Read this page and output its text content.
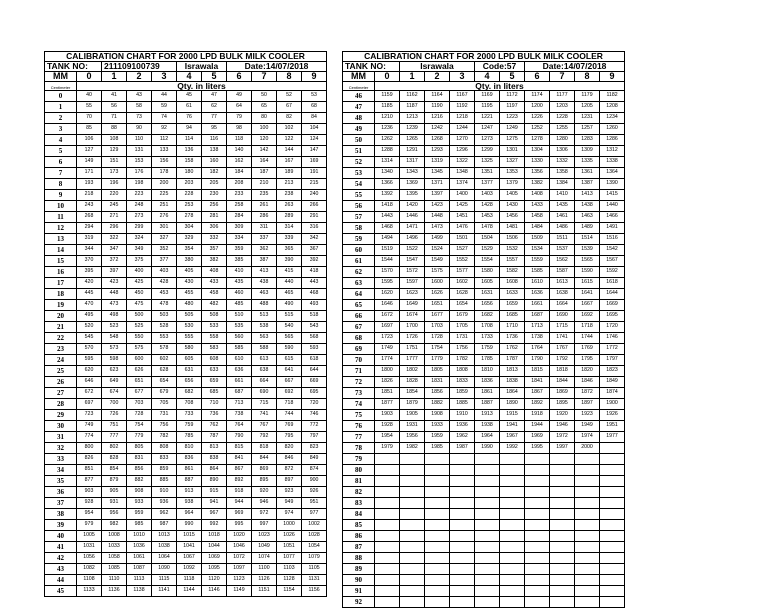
CALIBRATION CHART FOR 2000 LPD BULK MILK COOLER										
TANK NO:		211109100739			Israwala		Date:14/07/2018			
MM	0	1	2	3	4	5	6	7	8	9
Centimeter	Qty. in liters									
0	40	41	43	44	45	47	49	50	52	53
1	55	56	58	59	61	62	64	65	67	68
2	70	71	73	74	76	77	79	80	82	84
3	85	88	90	92	94	95	98	100	102	104
4	106	108	110	112	114	116	118	120	122	124
5	127	129	131	133	136	138	140	142	144	147
6	149	151	153	156	158	160	162	164	167	169
7	171	173	176	178	180	182	184	187	189	191
8	193	196	198	200	203	205	208	210	213	215
9	218	220	223	225	228	230	233	235	238	240
10	243	245	248	251	253	256	258	261	263	266
11	268	271	273	276	278	281	284	286	289	291
12	294	296	299	301	304	306	309	311	314	316
13	319	322	324	327	329	332	334	337	339	342
14	344	347	349	352	354	357	359	362	365	367
15	370	372	375	377	380	382	385	387	390	392
16	395	397	400	403	405	408	410	413	415	418
17	420	423	425	428	430	433	435	438	440	443
18	445	448	450	453	455	458	460	463	465	468
19	470	473	475	478	480	482	485	488	490	493
20	495	498	500	503	505	508	510	513	515	518
21	520	523	525	528	530	533	535	538	540	543
22	545	548	550	553	555	558	560	563	565	568
23	570	573	575	578	580	583	585	588	590	593
24	595	598	600	602	605	608	610	613	615	618
25	620	623	626	628	631	633	636	638	641	644
26	646	649	651	654	656	659	661	664	667	669
27	672	674	677	679	682	685	687	690	692	695
28	697	700	703	705	708	710	713	715	718	720
29	723	726	728	731	733	736	738	741	744	746
30	749	751	754	756	759	762	764	767	769	772
31	774	777	779	782	785	787	790	792	795	797
32	800	802	805	808	810	813	815	818	820	823
33	826	828	831	833	836	838	841	844	846	849
34	851	854	856	859	861	864	867	869	872	874
35	877	879	882	885	887	890	892	895	897	900
36	903	905	908	910	913	915	918	920	923	926
37	928	931	933	936	938	941	944	946	949	951
38	954	956	959	962	964	967	969	972	974	977
39	979	982	985	987	990	992	995	997	1000	1002
40	1005	1008	1010	1013	1015	1018	1020	1023	1026	1028
41	1031	1033	1036	1038	1041	1044	1046	1049	1051	1054
42	1056	1058	1061	1064	1067	1069	1072	1074	1077	1079
43	1082	1085	1087	1090	1092	1095	1097	1100	1103	1105
44	1108	1110	1113	1115	1118	1120	1123	1126	1128	1131
45	1133	1136	1138	1141	1144	1146	1149	1151	1154	1156
CALIBRATION CHART FOR 2000 LPD BULK MILK COOLER										
TANK NO:		Israwala			Code:57		Date:14/07/2018			
MM	0	1	2	3	4	5	6	7	8	9
Centimeter	Qty. in liters									
46	1159	1162	1164	1167	1169	1172	1174	1177	1179	1182
47	1185	1187	1190	1192	1195	1197	1200	1203	1205	1208
48	1210	1213	1216	1218	1221	1223	1226	1228	1231	1234
49	1236	1239	1242	1244	1247	1249	1252	1255	1257	1260
50	1262	1265	1268	1270	1273	1275	1278	1280	1283	1286
51	1288	1291	1293	1296	1299	1301	1304	1306	1309	1312
52	1314	1317	1319	1322	1325	1327	1330	1332	1335	1338
53	1340	1343	1345	1348	1351	1353	1356	1358	1361	1364
54	1366	1369	1371	1374	1377	1379	1382	1384	1387	1390
55	1392	1395	1397	1400	1403	1405	1408	1410	1413	1415
56	1418	1420	1423	1425	1428	1430	1433	1435	1438	1440
57	1443	1446	1448	1451	1453	1456	1458	1461	1463	1466
58	1468	1471	1473	1476	1478	1481	1484	1486	1489	1491
59	1494	1496	1499	1501	1504	1506	1509	1511	1514	1516
60	1519	1522	1524	1527	1529	1532	1534	1537	1539	1542
61	1544	1547	1549	1552	1554	1557	1559	1562	1565	1567
62	1570	1572	1575	1577	1580	1582	1585	1587	1590	1592
63	1595	1597	1600	1602	1605	1608	1610	1613	1615	1618
64	1620	1623	1626	1628	1631	1633	1636	1638	1641	1644
65	1646	1649	1651	1654	1656	1659	1661	1664	1667	1669
66	1672	1674	1677	1679	1682	1685	1687	1690	1692	1695
67	1697	1700	1703	1705	1708	1710	1713	1715	1718	1720
68	1723	1726	1728	1731	1733	1736	1738	1741	1744	1746
69	1749	1751	1754	1756	1759	1762	1764	1767	1769	1772
70	1774	1777	1779	1782	1785	1787	1790	1792	1795	1797
71	1800	1802	1805	1808	1810	1813	1815	1818	1820	1823
72	1826	1828	1831	1833	1836	1838	1841	1844	1846	1849
73	1851	1854	1856	1859	1861	1864	1867	1869	1872	1874
74	1877	1879	1882	1885	1887	1890	1892	1895	1897	1900
75	1903	1905	1908	1910	1913	1915	1918	1920	1923	1926
76	1928	1931	1933	1936	1938	1941	1944	1946	1949	1951
77	1954	1956	1959	1962	1964	1967	1969	1972	1974	1977
78	1979	1982	1985	1987	1990	1992	1995	1997	2000	
79										
80										
81										
82										
83										
84										
85										
86										
87										
88										
89										
90										
91										
92										
